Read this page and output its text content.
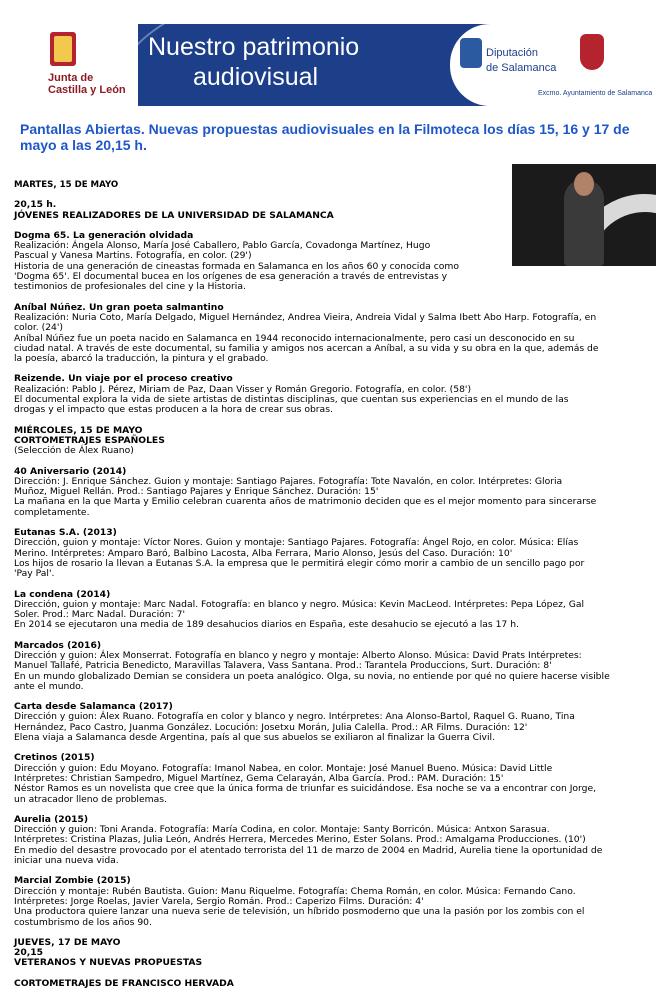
Junta de
Castilla y León
Nuestro patrimonio
audiovisual
Diputación
de Salamanca
Excmo. Ayuntamiento de Salamanca
Pantallas Abiertas. Nuevas propuestas audiovisuales en la Filmoteca los días 15, 16 y 17 de mayo a las 20,15 h.

MARTES, 15 DE MAYO

20,15 h.

JÓVENES REALIZADORES DE LA UNIVERSIDAD DE SALAMANCA

Dogma 65. La generación olvidada

Realización: Ángela Alonso, María José Caballero, Pablo García, Covadonga Martínez, Hugo

Pascual y Vanesa Martins. Fotografía, en color. (29')

Historia de una generación de cineastas formada en Salamanca en los años 60 y conocida como

'Dogma 65'. El documental bucea en los orígenes de esa generación a través de entrevistas y

testimonios de profesionales del cine y la Historia.

Aníbal Núñez. Un gran poeta salmantino

Realización: Nuria Coto, María Delgado, Miguel Hernández, Andrea Vieira, Andreia Vidal y Salma Ibett Abo Harp. Fotografía, en

color. (24')

Aníbal Núñez fue un poeta nacido en Salamanca en 1944 reconocido internacionalmente, pero casi un desconocido en su

ciudad natal. A través de este documental, su familia y amigos nos acercan a Aníbal, a su vida y su obra en la que, además de

la poesía, abarcó la traducción, la pintura y el grabado.

Reizende. Un viaje por el proceso creativo

Realización: Pablo J. Pérez, Miriam de Paz, Daan Visser y Román Gregorio. Fotografía, en color. (58')

El documental explora la vida de siete artistas de distintas disciplinas, que cuentan sus experiencias en el mundo de las

drogas y el impacto que estas producen a la hora de crear sus obras.

MIÉRCOLES, 15 DE MAYO

CORTOMETRAJES ESPAÑOLES

(Selección de Álex Ruano)

40 Aniversario (2014)

Dirección: J. Enrique Sánchez. Guion y montaje: Santiago Pajares. Fotografía: Tote Navalón, en color. Intérpretes: Gloria

Muñoz, Miguel Rellán. Prod.: Santiago Pajares y Enrique Sánchez. Duración: 15'

La mañana en la que Marta y Emilio celebran cuarenta años de matrimonio deciden que es el mejor momento para sincerarse

completamente.

Eutanas S.A. (2013)

Dirección, guion y montaje: Víctor Nores. Guion y montaje: Santiago Pajares. Fotografía: Ángel Rojo, en color. Música: Elías

Merino. Intérpretes: Amparo Baró, Balbino Lacosta, Alba Ferrara, Mario Alonso, Jesús del Caso. Duración: 10'

Los hijos de rosario la llevan a Eutanas S.A. la empresa que le permitirá elegir cómo morir a cambio de un sencillo pago por

'Pay Pal'.

La condena (2014)

Dirección, guion y montaje: Marc Nadal. Fotografía: en blanco y negro. Música: Kevin MacLeod. Intérpretes: Pepa López, Gal

Soler. Prod.: Marc Nadal. Duración: 7'

En 2014 se ejecutaron una media de 189 desahucios diarios en España, este desahucio se ejecutó a las 17 h.

Marcados (2016)

Dirección y guion: Álex Monserrat. Fotografía en blanco y negro y montaje: Alberto Alonso. Música: David Prats Intérpretes:

Manuel Tallafé, Patricia Benedicto, Maravillas Talavera, Vass Santana. Prod.: Tarantela Produccions, Surt. Duración: 8'

En un mundo globalizado Demian se considera un poeta analógico. Olga, su novia, no entiende por qué no quiere hacerse visible

ante el mundo.

Carta desde Salamanca (2017)

Dirección y guion: Álex Ruano. Fotografía en color y blanco y negro. Intérpretes: Ana Alonso-Bartol, Raquel G. Ruano, Tina

Hernández, Paco Castro, Juanma González. Locución: Josetxu Morán, Julia Calella. Prod.: AR Films. Duración: 12'

Elena viaja a Salamanca desde Argentina, país al que sus abuelos se exiliaron al finalizar la Guerra Civil.

Cretinos (2015)

Dirección y guion: Edu Moyano. Fotografía: Imanol Nabea, en color. Montaje: José Manuel Bueno. Música: David Little

Intérpretes: Christian Sampedro, Miguel Martínez, Gema Celarayán, Alba García. Prod.: PAM. Duración: 15'

Néstor Ramos es un novelista que cree que la única forma de triunfar es suicidándose. Esa noche se va a encontrar con Jorge,

un atracador lleno de problemas.

Aurelia (2015)

Dirección y guion: Toni Aranda. Fotografía: María Codina, en color. Montaje: Santy Borricón. Música: Antxon Sarasua.

Intérpretes: Cristina Plazas, Julia León, Andrés Herrera, Mercedes Merino, Ester Solans. Prod.: Amalgama Producciones. (10')

En medio del desastre provocado por el atentado terrorista del 11 de marzo de 2004 en Madrid, Aurelia tiene la oportunidad de

iniciar una nueva vida.

Marcial Zombie (2015)

Dirección y montaje: Rubén Bautista. Guion: Manu Riquelme. Fotografía: Chema Román, en color. Música: Fernando Cano.

Intérpretes: Jorge Roelas, Javier Varela, Sergio Román. Prod.: Caperizo Films. Duración: 4'

Una productora quiere lanzar una nueva serie de televisión, un híbrido posmoderno que una la pasión por los zombis con el

costumbrismo de los años 90.

JUEVES, 17 DE MAYO

20,15

VETERANOS Y NUEVAS PROPUESTAS

CORTOMETRAJES DE FRANCISCO HERVADA
